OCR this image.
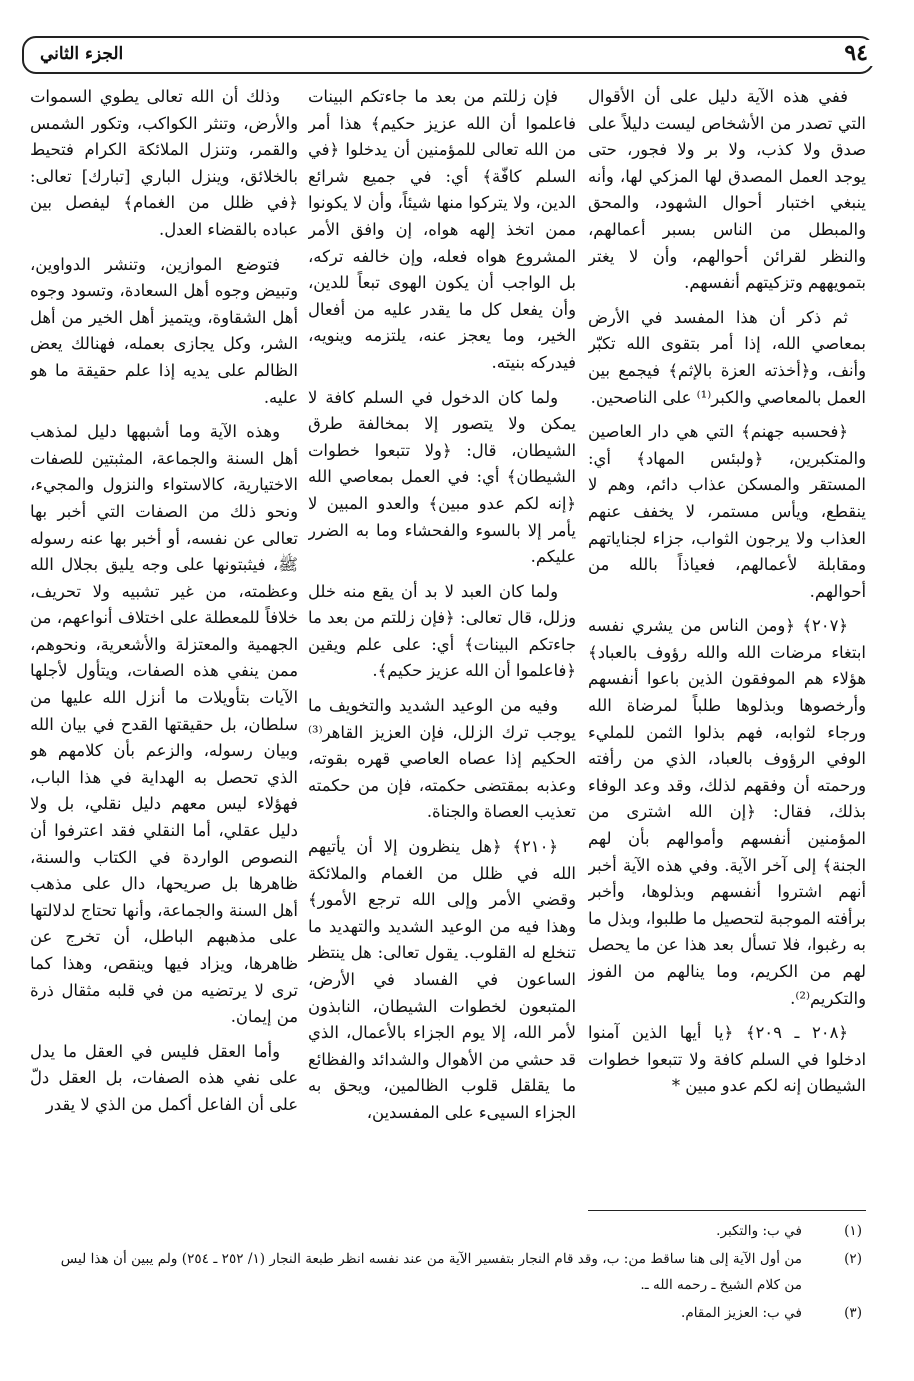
٩٤
الجزء الثاني

ففي هذه الآية دليل على أن الأقوال التي تصدر من الأشخاص ليست دليلاً على صدق ولا كذب، ولا بر ولا فجور، حتى يوجد العمل المصدق لها المزكي لها، وأنه ينبغي اختبار أحوال الشهود، والمحق والمبطل من الناس بسبر أعمالهم، والنظر لقرائن أحوالهم، وأن لا يغتر بتمويههم وتزكيتهم أنفسهم.

ثم ذكر أن هذا المفسد في الأرض بمعاصي الله، إذا أمر بتقوى الله تكبّر وأنف، و﴿أخذته العزة بالإثم﴾ فيجمع بين العمل بالمعاصي والكبر⁽¹⁾ على الناصحين.

﴿فحسبه جهنم﴾ التي هي دار العاصين والمتكبرين، ﴿ولبئس المهاد﴾ أي: المستقر والمسكن عذاب دائم، وهم لا ينقطع، ويأس مستمر، لا يخفف عنهم العذاب ولا يرجون الثواب، جزاء لجناياتهم ومقابلة لأعمالهم، فعياذاً بالله من أحوالهم.

﴿٢٠٧﴾ ﴿ومن الناس من يشري نفسه ابتغاء مرضات الله والله رؤوف بالعباد﴾ هؤلاء هم الموفقون الذين باعوا أنفسهم وأرخصوها وبذلوها طلباً لمرضاة الله ورجاء لثوابه، فهم بذلوا الثمن للمليء الوفي الرؤوف بالعباد، الذي من رأفته ورحمته أن وفقهم لذلك، وقد وعد الوفاء بذلك، فقال: ﴿إن الله اشترى من المؤمنين أنفسهم وأموالهم بأن لهم الجنة﴾ إلى آخر الآية. وفي هذه الآية أخبر أنهم اشتروا أنفسهم وبذلوها، وأخبر برأفته الموجبة لتحصيل ما طلبوا، وبذل ما به رغبوا، فلا تسأل بعد هذا عن ما يحصل لهم من الكريم، وما ينالهم من الفوز والتكريم⁽²⁾.

﴿٢٠٨ ـ ٢٠٩﴾ ﴿يا أيها الذين آمنوا ادخلوا في السلم كافة ولا تتبعوا خطوات الشيطان إنه لكم عدو مبين *

فإن زللتم من بعد ما جاءتكم البينات فاعلموا أن الله عزيز حكيم﴾ هذا أمر من الله تعالى للمؤمنين أن يدخلوا ﴿في السلم كافّة﴾ أي: في جميع شرائع الدين، ولا يتركوا منها شيئاً، وأن لا يكونوا ممن اتخذ إلهه هواه، إن وافق الأمر المشروع هواه فعله، وإن خالفه تركه، بل الواجب أن يكون الهوى تبعاً للدين، وأن يفعل كل ما يقدر عليه من أفعال الخير، وما يعجز عنه، يلتزمه وينويه، فيدركه بنيته.

ولما كان الدخول في السلم كافة لا يمكن ولا يتصور إلا بمخالفة طرق الشيطان، قال: ﴿ولا تتبعوا خطوات الشيطان﴾ أي: في العمل بمعاصي الله ﴿إنه لكم عدو مبين﴾ والعدو المبين لا يأمر إلا بالسوء والفحشاء وما به الضرر عليكم.

ولما كان العبد لا بد أن يقع منه خلل وزلل، قال تعالى: ﴿فإن زللتم من بعد ما جاءتكم البينات﴾ أي: على علم ويقين ﴿فاعلموا أن الله عزيز حكيم﴾.

وفيه من الوعيد الشديد والتخويف ما يوجب ترك الزلل، فإن العزيز القاهر⁽³⁾ الحكيم إذا عصاه العاصي قهره بقوته، وعذبه بمقتضى حكمته، فإن من حكمته تعذيب العصاة والجناة.

﴿٢١٠﴾ ﴿هل ينظرون إلا أن يأتيهم الله في ظلل من الغمام والملائكة وقضي الأمر وإلى الله ترجع الأمور﴾ وهذا فيه من الوعيد الشديد والتهديد ما تنخلع له القلوب. يقول تعالى: هل ينتظر الساعون في الفساد في الأرض، المتبعون لخطوات الشيطان، النابذون لأمر الله، إلا يوم الجزاء بالأعمال، الذي قد حشي من الأهوال والشدائد والفظائع ما يقلقل قلوب الظالمين، ويحق به الجزاء السيىء على المفسدين،

وذلك أن الله تعالى يطوي السموات والأرض، وتنثر الكواكب، وتكور الشمس والقمر، وتنزل الملائكة الكرام فتحيط بالخلائق، وينزل الباري [تبارك] تعالى: ﴿في ظلل من الغمام﴾ ليفصل بين عباده بالقضاء العدل.

فتوضع الموازين، وتنشر الدواوين، وتبيض وجوه أهل السعادة، وتسود وجوه أهل الشقاوة، ويتميز أهل الخير من أهل الشر، وكل يجازى بعمله، فهنالك يعض الظالم على يديه إذا علم حقيقة ما هو عليه.

وهذه الآية وما أشبهها دليل لمذهب أهل السنة والجماعة، المثبتين للصفات الاختيارية، كالاستواء والنزول والمجيء، ونحو ذلك من الصفات التي أخبر بها تعالى عن نفسه، أو أخبر بها عنه رسوله ﷺ، فيثبتونها على وجه يليق بجلال الله وعظمته، من غير تشبيه ولا تحريف، خلافاً للمعطلة على اختلاف أنواعهم، من الجهمية والمعتزلة والأشعرية، ونحوهم، ممن ينفي هذه الصفات، ويتأول لأجلها الآيات بتأويلات ما أنزل الله عليها من سلطان، بل حقيقتها القدح في بيان الله وبيان رسوله، والزعم بأن كلامهم هو الذي تحصل به الهداية في هذا الباب، فهؤلاء ليس معهم دليل نقلي، بل ولا دليل عقلي، أما النقلي فقد اعترفوا أن النصوص الواردة في الكتاب والسنة، ظاهرها بل صريحها، دال على مذهب أهل السنة والجماعة، وأنها تحتاج لدلالتها على مذهبهم الباطل، أن تخرج عن ظاهرها، ويزاد فيها وينقص، وهذا كما ترى لا يرتضيه من في قلبه مثقال ذرة من إيمان.

وأما العقل فليس في العقل ما يدل على نفي هذه الصفات، بل العقل دلّ على أن الفاعل أكمل من الذي لا يقدر

(١)
في ب: والتكبر.
(٢)
من أول الآية إلى هنا ساقط من: ب، وقد قام النجار بتفسير الآية من عند نفسه انظر طبعة النجار (١/ ٢٥٢ ـ ٢٥٤) ولم يبين أن هذا ليس من كلام الشيخ ـ رحمه الله ـ.
(٣)
في ب: العزيز المقام.
